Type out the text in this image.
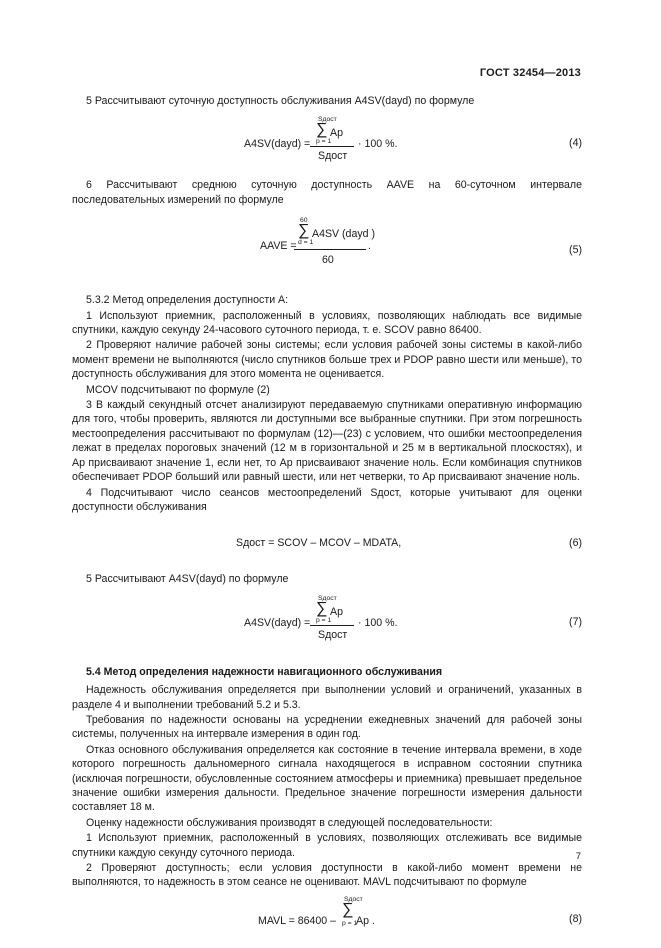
ГОСТ 32454—2013
5 Рассчитывают суточную доступность обслуживания A4SV(dayd) по формуле
A4SV(dayd) =
Sдост
∑ Ap
p = 1
Sдост
· 100 %.	(4)
6 Рассчитывают среднюю суточную доступность AAVE на 60-суточном интервале последовательных измерений по формуле
AAVE =
60
∑ A4SV (dayd )
d = 1
60
.	(5)
5.3.2 Метод определения доступности A:
1 Используют приемник, расположенный в условиях, позволяющих наблюдать все видимые спутники, каждую секунду 24-часового суточного периода, т. е. SCOV равно 86400.
2 Проверяют наличие рабочей зоны системы; если условия рабочей зоны системы в какой-либо момент времени не выполняются (число спутников больше трех и PDOP равно шести или меньше), то доступность обслуживания для этого момента не оценивается.
MCOV подсчитывают по формуле (2)
3 В каждый секундный отсчет анализируют передаваемую спутниками оперативную информацию для того, чтобы проверить, являются ли доступными все выбранные спутники. При этом погрешность местоопределения рассчитывают по формулам (12)—(23) с условием, что ошибки местоопределения лежат в пределах пороговых значений (12 м в горизонтальной и 25 м в вертикальной плоскостях), и Ap присваивают значение 1, если нет, то Ap присваивают значение ноль. Если комбинация спутников обеспечивает PDOP больший или равный шести, или нет четверки, то Ap присваивают значение ноль.
4 Подсчитывают число сеансов местоопределений Sдост, которые учитывают для оценки доступности обслуживания
Sдост = SCOV – MCOV – MDATA,	(6)
5 Рассчитывают A4SV(dayd) по формуле
A4SV(dayd) =
Sдост
∑ Ap
p = 1
Sдост
· 100 %.	(7)
5.4 Метод определения надежности навигационного обслуживания
Надежность обслуживания определяется при выполнении условий и ограничений, указанных в разделе 4 и выполнении требований 5.2 и 5.3.
Требования по надежности основаны на усреднении ежедневных значений для рабочей зоны системы, полученных на интервале измерения в один год.
Отказ основного обслуживания определяется как состояние в течение интервала времени, в ходе которого погрешность дальномерного сигнала находящегося в исправном состоянии спутника (исключая погрешности, обусловленные состоянием атмосферы и приемника) превышает предельное значение ошибки измерения дальности. Предельное значение погрешности измерения дальности составляет 18 м.
Оценку надежности обслуживания производят в следующей последовательности:
1 Используют приемник, расположенный в условиях, позволяющих отслеживать все видимые спутники каждую секунду суточного периода.
2 Проверяют доступность; если условия доступности в какой-либо момент времени не выполняются, то надежность в этом сеансе не оценивают. MAVL подсчитывают по формуле
MAVL = 86400 –
Sдост
∑
Ap .
p = 1	(8)
7
